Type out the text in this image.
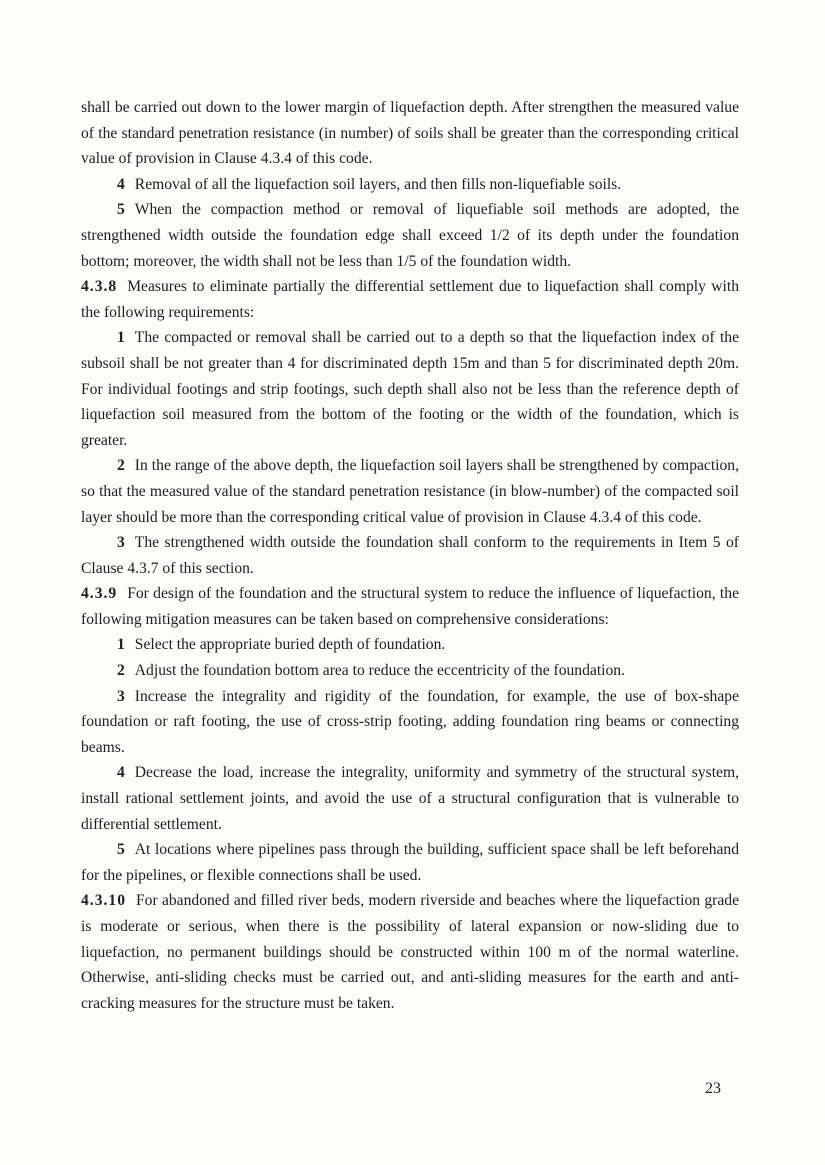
shall be carried out down to the lower margin of liquefaction depth. After strengthen the measured value of the standard penetration resistance (in number) of soils shall be greater than the corresponding critical value of provision in Clause 4.3.4 of this code.

4 Removal of all the liquefaction soil layers, and then fills non-liquefiable soils.

5 When the compaction method or removal of liquefiable soil methods are adopted, the strengthened width outside the foundation edge shall exceed 1/2 of its depth under the foundation bottom; moreover, the width shall not be less than 1/5 of the foundation width.

4.3.8 Measures to eliminate partially the differential settlement due to liquefaction shall comply with the following requirements:

1 The compacted or removal shall be carried out to a depth so that the liquefaction index of the subsoil shall be not greater than 4 for discriminated depth 15m and than 5 for discriminated depth 20m. For individual footings and strip footings, such depth shall also not be less than the reference depth of liquefaction soil measured from the bottom of the footing or the width of the foundation, which is greater.

2 In the range of the above depth, the liquefaction soil layers shall be strengthened by compaction, so that the measured value of the standard penetration resistance (in blow-number) of the compacted soil layer should be more than the corresponding critical value of provision in Clause 4.3.4 of this code.

3 The strengthened width outside the foundation shall conform to the requirements in Item 5 of Clause 4.3.7 of this section.

4.3.9 For design of the foundation and the structural system to reduce the influence of liquefaction, the following mitigation measures can be taken based on comprehensive considerations:

1 Select the appropriate buried depth of foundation.

2 Adjust the foundation bottom area to reduce the eccentricity of the foundation.

3 Increase the integrality and rigidity of the foundation, for example, the use of box-shape foundation or raft footing, the use of cross-strip footing, adding foundation ring beams or connecting beams.

4 Decrease the load, increase the integrality, uniformity and symmetry of the structural system, install rational settlement joints, and avoid the use of a structural configuration that is vulnerable to differential settlement.

5 At locations where pipelines pass through the building, sufficient space shall be left beforehand for the pipelines, or flexible connections shall be used.

4.3.10 For abandoned and filled river beds, modern riverside and beaches where the liquefaction grade is moderate or serious, when there is the possibility of lateral expansion or now-sliding due to liquefaction, no permanent buildings should be constructed within 100 m of the normal waterline. Otherwise, anti-sliding checks must be carried out, and anti-sliding measures for the earth and anti-cracking measures for the structure must be taken.

23
